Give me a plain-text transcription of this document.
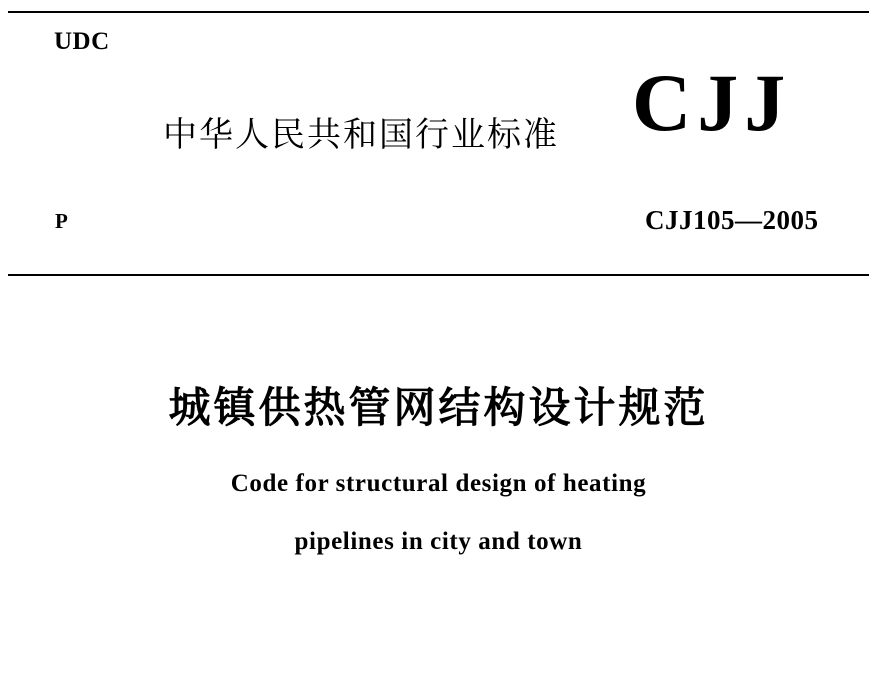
UDC
中华人民共和国行业标准 CJJ
P	CJJ105—2005
城镇供热管网结构设计规范
Code for structural design of heating
pipelines in city and town
